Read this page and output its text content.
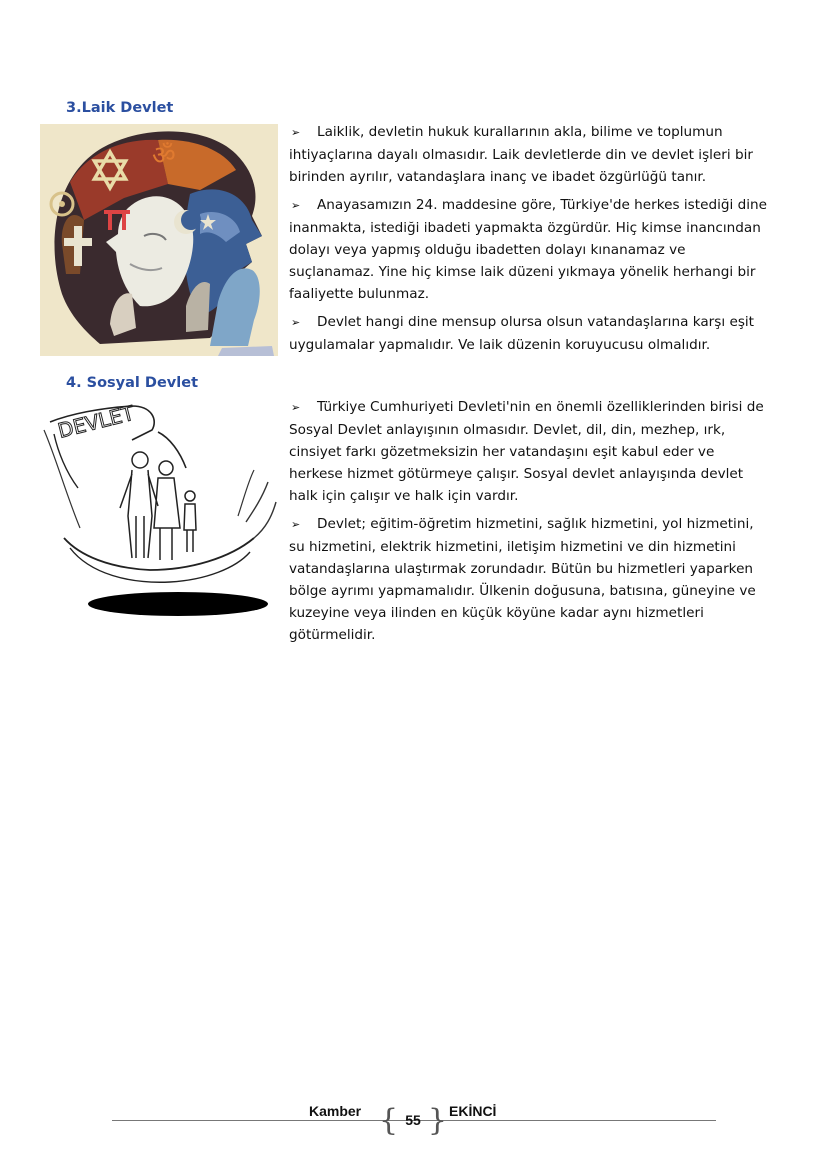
3.Laik Devlet
ॐ

➢ Laiklik, devletin hukuk kurallarının akla, bilime ve toplumun ihtiyaçlarına dayalı olmasıdır. Laik devletlerde din ve devlet işleri bir birinden ayrılır, vatandaşlara inanç ve ibadet özgürlüğü tanır.

➢ Anayasamızın 24. maddesine göre, Türkiye'de herkes istediği dine inanmakta, istediği ibadeti yapmakta özgürdür. Hiç kimse inancından dolayı veya yapmış olduğu ibadetten dolayı kınanamaz ve suçlanamaz. Yine hiç kimse laik düzeni yıkmaya yönelik herhangi bir faaliyette bulunmaz.

➢ Devlet hangi dine mensup olursa olsun vatandaşlarına karşı eşit uygulamalar yapmalıdır. Ve laik düzenin koruyucusu olmalıdır.

4. Sosyal Devlet
DEVLET	➢ Türkiye Cumhuriyeti Devleti'nin en önemli özelliklerinden birisi de Sosyal Devlet anlayışının olmasıdır. Devlet, dil, din, mezhep, ırk, cinsiyet farkı gözetmeksizin her vatandaşını eşit kabul eder ve herkese hizmet götürmeye çalışır. Sosyal devlet anlayışında devlet halk için çalışır ve halk için vardır.

➢ Devlet; eğitim-öğretim hizmetini, sağlık hizmetini, yol hizmetini, su hizmetini, elektrik hizmetini, iletişim hizmetini ve din hizmetini vatandaşlarına ulaştırmak zorundadır. Bütün bu hizmetleri yaparken bölge ayrımı yapmamalıdır. Ülkenin doğusuna, batısına, güneyine ve kuzeyine veya ilinden en küçük köyüne kadar aynı hizmetleri götürmelidir.

Kamber { 55 } EKİNCİ
